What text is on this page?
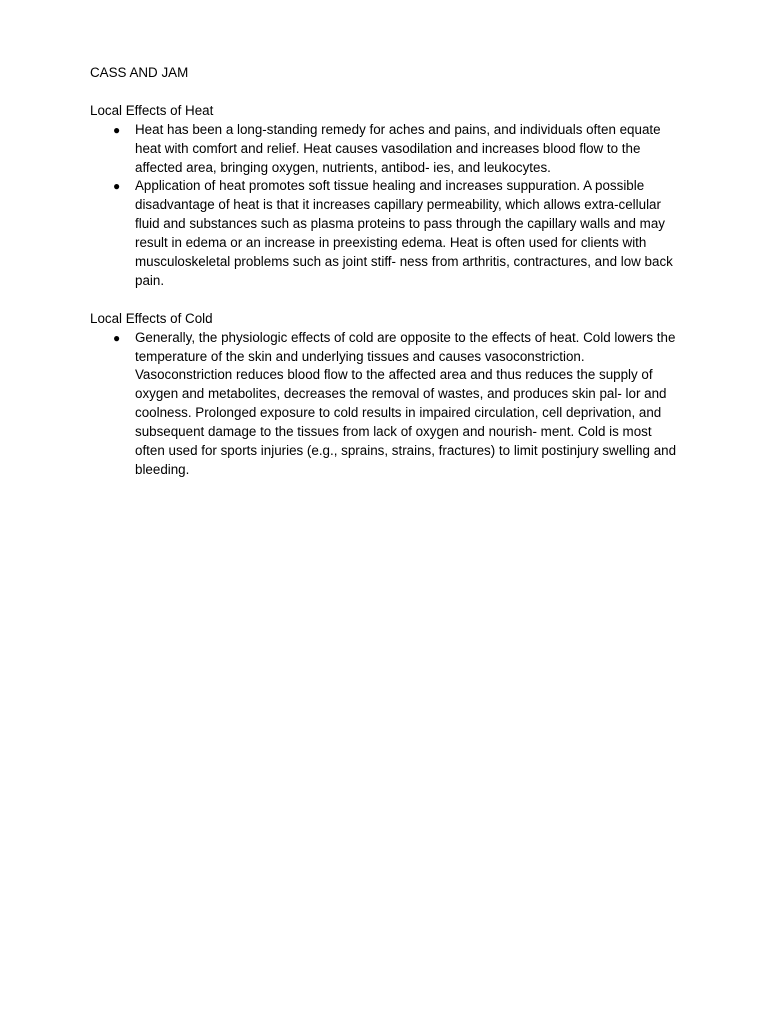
CASS AND JAM

Local Effects of Heat

● Heat has been a long-standing remedy for aches and pains, and individuals often equate heat with comfort and relief. Heat causes vasodilation and increases blood flow to the affected area, bringing oxygen, nutrients, antibod- ies, and leukocytes.
● Application of heat promotes soft tissue healing and increases suppuration. A possible disadvantage of heat is that it increases capillary permeability, which allows extra-cellular fluid and substances such as plasma proteins to pass through the capillary walls and may result in edema or an increase in preexisting edema. Heat is often used for clients with musculoskeletal problems such as joint stiff- ness from arthritis, contractures, and low back pain.

Local Effects of Cold

● Generally, the physiologic effects of cold are opposite to the effects of heat. Cold lowers the temperature of the skin and underlying tissues and causes vasoconstriction. Vasoconstriction reduces blood flow to the affected area and thus reduces the supply of oxygen and metabolites, decreases the removal of wastes, and produces skin pal- lor and coolness. Prolonged exposure to cold results in impaired circulation, cell deprivation, and subsequent damage to the tissues from lack of oxygen and nourish- ment. Cold is most often used for sports injuries (e.g., sprains, strains, fractures) to limit postinjury swelling and bleeding.
